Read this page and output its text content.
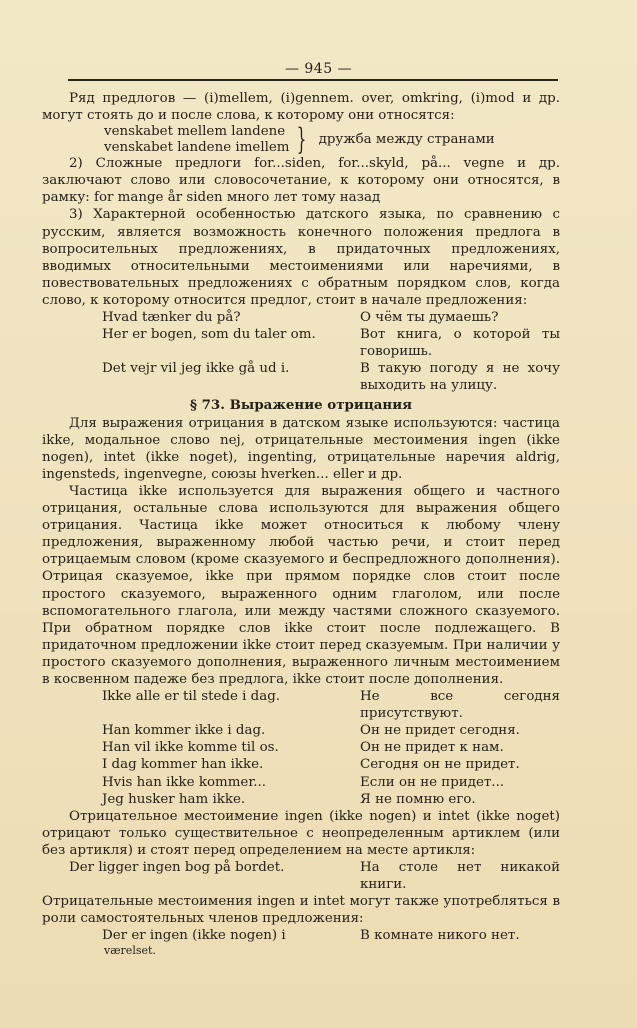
— 945 —

Ряд предлогов — (i)mellem, (i)gennem. over, omkring, (i)mod и др. могут стоять до и после слова, к которому они относятся:

venskabet mellem landene
venskabet landene imellem } дружба между странами

2) Сложные предлоги for...siden, for...skyld, på... vegne и др. заключают слово или словосочетание, к которому они относятся, в рамку: for mange år siden много лет тому назад

3) Характерной особенностью датского языка, по сравнению с русским, является возможность конечного положения предлога в вопросительных предложениях, в придаточных предложениях, вводимых относительными местоимениями или наречиями, в повествовательных предложениях с обратным порядком слов, когда слово, к которому относится предлог, стоит в начале предложения:

Hvad tænker du på?	О чём ты думаешь?
Her er bogen, som du taler om.	Вот книга, о которой ты говоришь.
Det vejr vil jeg ikke gå ud i.	В такую погоду я не хочу выходить на улицу.
§ 73. Выражение отрицания

Для выражения отрицания в датском языке используются: частица ikke, модальное слово nej, отрицательные местоимения ingen (ikke nogen), intet (ikke noget), ingenting, отрицательные наречия aldrig, ingensteds, ingenvegne, союзы hverken... eller и др.

Частица ikke используется для выражения общего и частного отрицания, остальные слова используются для выражения общего отрицания. Частица ikke может относиться к любому члену предложения, выраженному любой частью речи, и стоит перед отрицаемым словом (кроме сказуемого и беспредложного дополнения). Отрицая сказуемое, ikke при прямом порядке слов стоит после простого сказуемого, выраженного одним глаголом, или после вспомогательного глагола, или между частями сложного сказуемого. При обратном порядке слов ikke стоит после подлежащего. В придаточном предложении ikke стоит перед сказуемым. При наличии у простого сказуемого дополнения, выраженного личным местоимением в косвенном падеже без предлога, ikke стоит после дополнения.

Ikke alle er til stede i dag.	Не все сегодня присутствуют.
Han kommer ikke i dag.	Он не придет сегодня.
Han vil ikke komme til os.	Он не придет к нам.
I dag kommer han ikke.	Сегодня он не придет.
Hvis han ikke kommer...	Если он не придет...
Jeg husker ham ikke.	Я не помню его.

Отрицательное местоимение ingen (ikke nogen) и intet (ikke noget) отрицают только существительное с неопределенным артиклем (или без артикля) и стоят перед определением на месте артикля:

Der ligger ingen bog på bordet.	На столе нет никакой книги.

Отрицательные местоимения ingen и intet могут также употребляться в роли самостоятельных членов предложения:

Der er ingen (ikke nogen) i	В комнате никого нет.
værelset.
